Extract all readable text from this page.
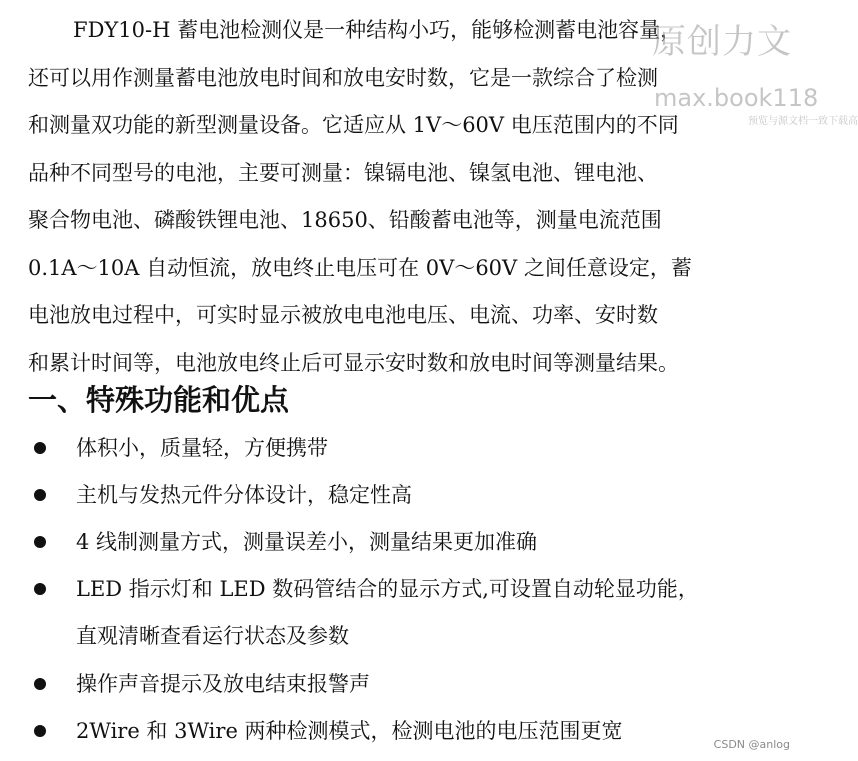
FDY10-H 蓄电池检测仪是一种结构小巧，能够检测蓄电池容量，
还可以用作测量蓄电池放电时间和放电安时数，它是一款综合了检测
和测量双功能的新型测量设备。它适应从 1V～60V 电压范围内的不同
品种不同型号的电池，主要可测量：镍镉电池、镍氢电池、锂电池、
聚合物电池、磷酸铁锂电池、18650、铅酸蓄电池等，测量电流范围
0.1A～10A 自动恒流，放电终止电压可在 0V～60V 之间任意设定，蓄
电池放电过程中，可实时显示被放电电池电压、电流、功率、安时数
和累计时间等，电池放电终止后可显示安时数和放电时间等测量结果。
一、特殊功能和优点
体积小，质量轻，方便携带
主机与发热元件分体设计，稳定性高
4 线制测量方式，测量误差小，测量结果更加准确
LED 指示灯和 LED 数码管结合的显示方式,可设置自动轮显功能，
直观清晰查看运行状态及参数
操作声音提示及放电结束报警声
2Wire 和 3Wire 两种检测模式，检测电池的电压范围更宽
原创力文
max.book118
预览与源文档一致下载高
CSDN @anlog
